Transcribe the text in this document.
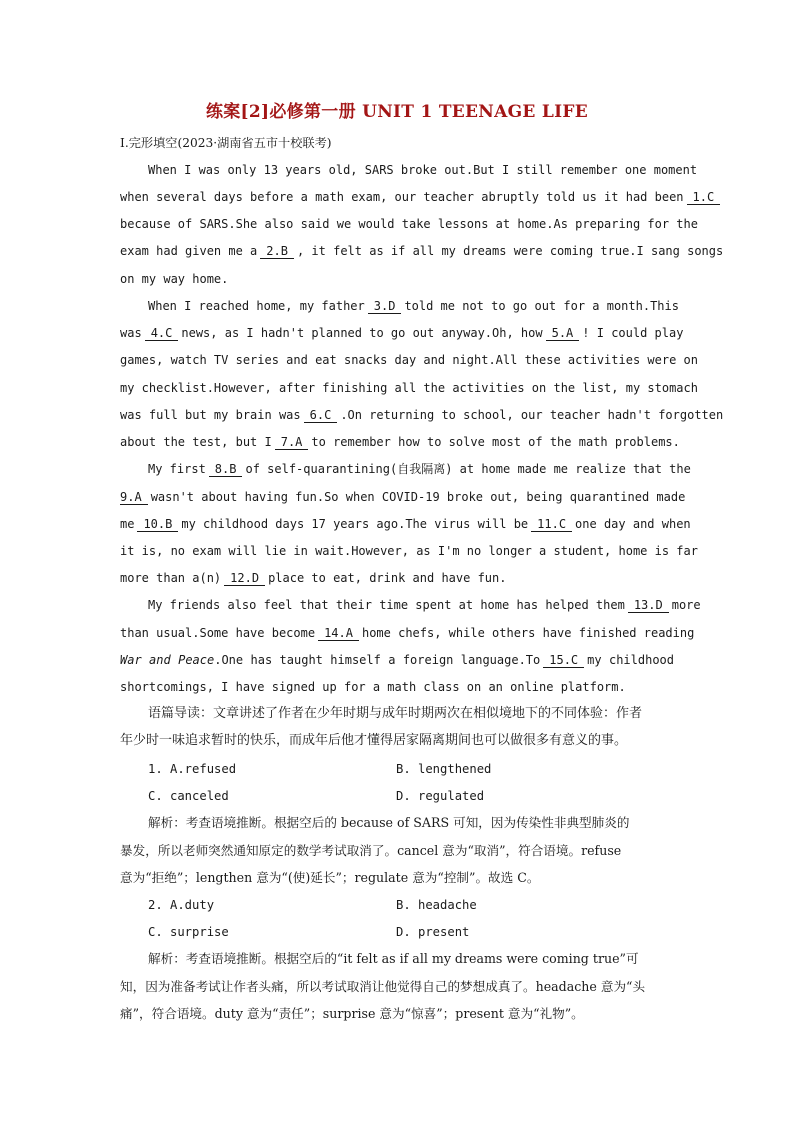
练案[2]必修第一册 UNIT 1 TEENAGE LIFE
Ⅰ.完形填空(2023·湖南省五市十校联考)
When I was only 13 years old, SARS broke out.But I still remember one moment
when several days before a math exam, our teacher abruptly told us it had been 1.C
because of SARS.She also said we would take lessons at home.As preparing for the
exam had given me a 2.B , it felt as if all my dreams were coming true.I sang songs
on my way home.
When I reached home, my father 3.D told me not to go out for a month.This
was 4.C news, as I hadn't planned to go out anyway.Oh, how 5.A ! I could play
games, watch TV series and eat snacks day and night.All these activities were on
my checklist.However, after finishing all the activities on the list, my stomach
was full but my brain was 6.C .On returning to school, our teacher hadn't forgotten
about the test, but I 7.A to remember how to solve most of the math problems.
My first 8.B of self-quarantining(自我隔离) at home made me realize that the
9.A wasn't about having fun.So when COVID-19 broke out, being quarantined made
me 10.B my childhood days 17 years ago.The virus will be 11.C one day and when
it is, no exam will lie in wait.However, as I'm no longer a student, home is far
more than a(n) 12.D place to eat, drink and have fun.
My friends also feel that their time spent at home has helped them 13.D more
than usual.Some have become 14.A home chefs, while others have finished reading
War and Peace.One has taught himself a foreign language.To 15.C my childhood
shortcomings, I have signed up for a math class on an online platform.
语篇导读：文章讲述了作者在少年时期与成年时期两次在相似境地下的不同体验：作者
年少时一味追求暂时的快乐，而成年后他才懂得居家隔离期间也可以做很多有意义的事。
1. A.refused	B. lengthened
C. canceled	D. regulated
解析：考查语境推断。根据空后的 because of SARS 可知，因为传染性非典型肺炎的
暴发，所以老师突然通知原定的数学考试取消了。cancel 意为“取消”，符合语境。refuse
意为“拒绝”；lengthen 意为“(使)延长”；regulate 意为“控制”。故选 C。
2. A.duty	B. headache
C. surprise	D. present
解析：考查语境推断。根据空后的“it felt as if all my dreams were coming true”可
知，因为准备考试让作者头痛，所以考试取消让他觉得自己的梦想成真了。headache 意为“头
痛”，符合语境。duty 意为“责任”；surprise 意为“惊喜”；present 意为“礼物”。
